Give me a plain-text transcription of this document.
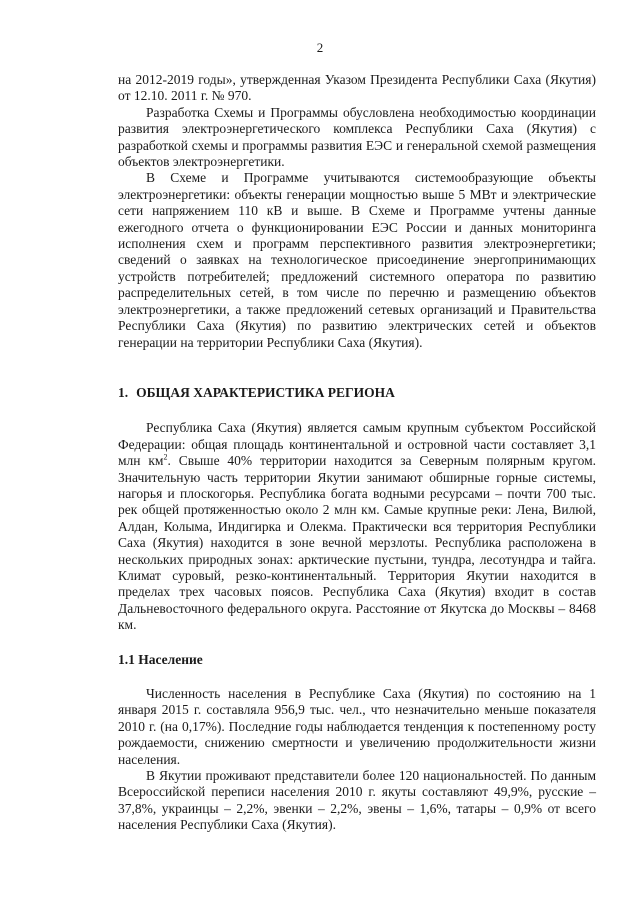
2

на 2012-2019 годы», утвержденная Указом Президента Республики Саха (Якутия) от 12.10. 2011 г. № 970.

Разработка Схемы и Программы обусловлена необходимостью координации развития электроэнергетического комплекса Республики Саха (Якутия) с разработкой схемы и программы развития ЕЭС и генеральной схемой размещения объектов электроэнергетики.

В Схеме и Программе учитываются системообразующие объекты электроэнергетики: объекты генерации мощностью выше 5 МВт и электрические сети напряжением 110 кВ и выше. В Схеме и Программе учтены данные ежегодного отчета о функционировании ЕЭС России и данных мониторинга исполнения схем и программ перспективного развития электроэнергетики; сведений о заявках на технологическое присоединение энергопринимающих устройств потребителей; предложений системного оператора по развитию распределительных сетей, в том числе по перечню и размещению объектов электроэнергетики, а также предложений сетевых организаций и Правительства Республики Саха (Якутия) по развитию электрических сетей и объектов генерации на территории Республики Саха (Якутия).

1. ОБЩАЯ ХАРАКТЕРИСТИКА РЕГИОНА

Республика Саха (Якутия) является самым крупным субъектом Российской Федерации: общая площадь континентальной и островной части составляет 3,1 млн $км^2$. Свыше 40% территории находится за Северным полярным кругом. Значительную часть территории Якутии занимают обширные горные системы, нагорья и плоскогорья. Республика богата водными ресурсами – почти 700 тыс. рек общей протяженностью около 2 млн км. Самые крупные реки: Лена, Вилюй, Алдан, Колыма, Индигирка и Олекма. Практически вся территория Республики Саха (Якутия) находится в зоне вечной мерзлоты. Республика расположена в нескольких природных зонах: арктические пустыни, тундра, лесотундра и тайга. Климат суровый, резко-континентальный. Территория Якутии находится в пределах трех часовых поясов. Республика Саха (Якутия) входит в состав Дальневосточного федерального округа. Расстояние от Якутска до Москвы – 8468 км.

1.1 Население

Численность населения в Республике Саха (Якутия) по состоянию на 1 января 2015 г. составляла 956,9 тыс. чел., что незначительно меньше показателя 2010 г. (на 0,17%). Последние годы наблюдается тенденция к постепенному росту рождаемости, снижению смертности и увеличению продолжительности жизни населения.

В Якутии проживают представители более 120 национальностей. По данным Всероссийской переписи населения 2010 г. якуты составляют 49,9%, русские – 37,8%, украинцы – 2,2%, эвенки – 2,2%, эвены – 1,6%, татары – 0,9% от всего населения Республики Саха (Якутия).
